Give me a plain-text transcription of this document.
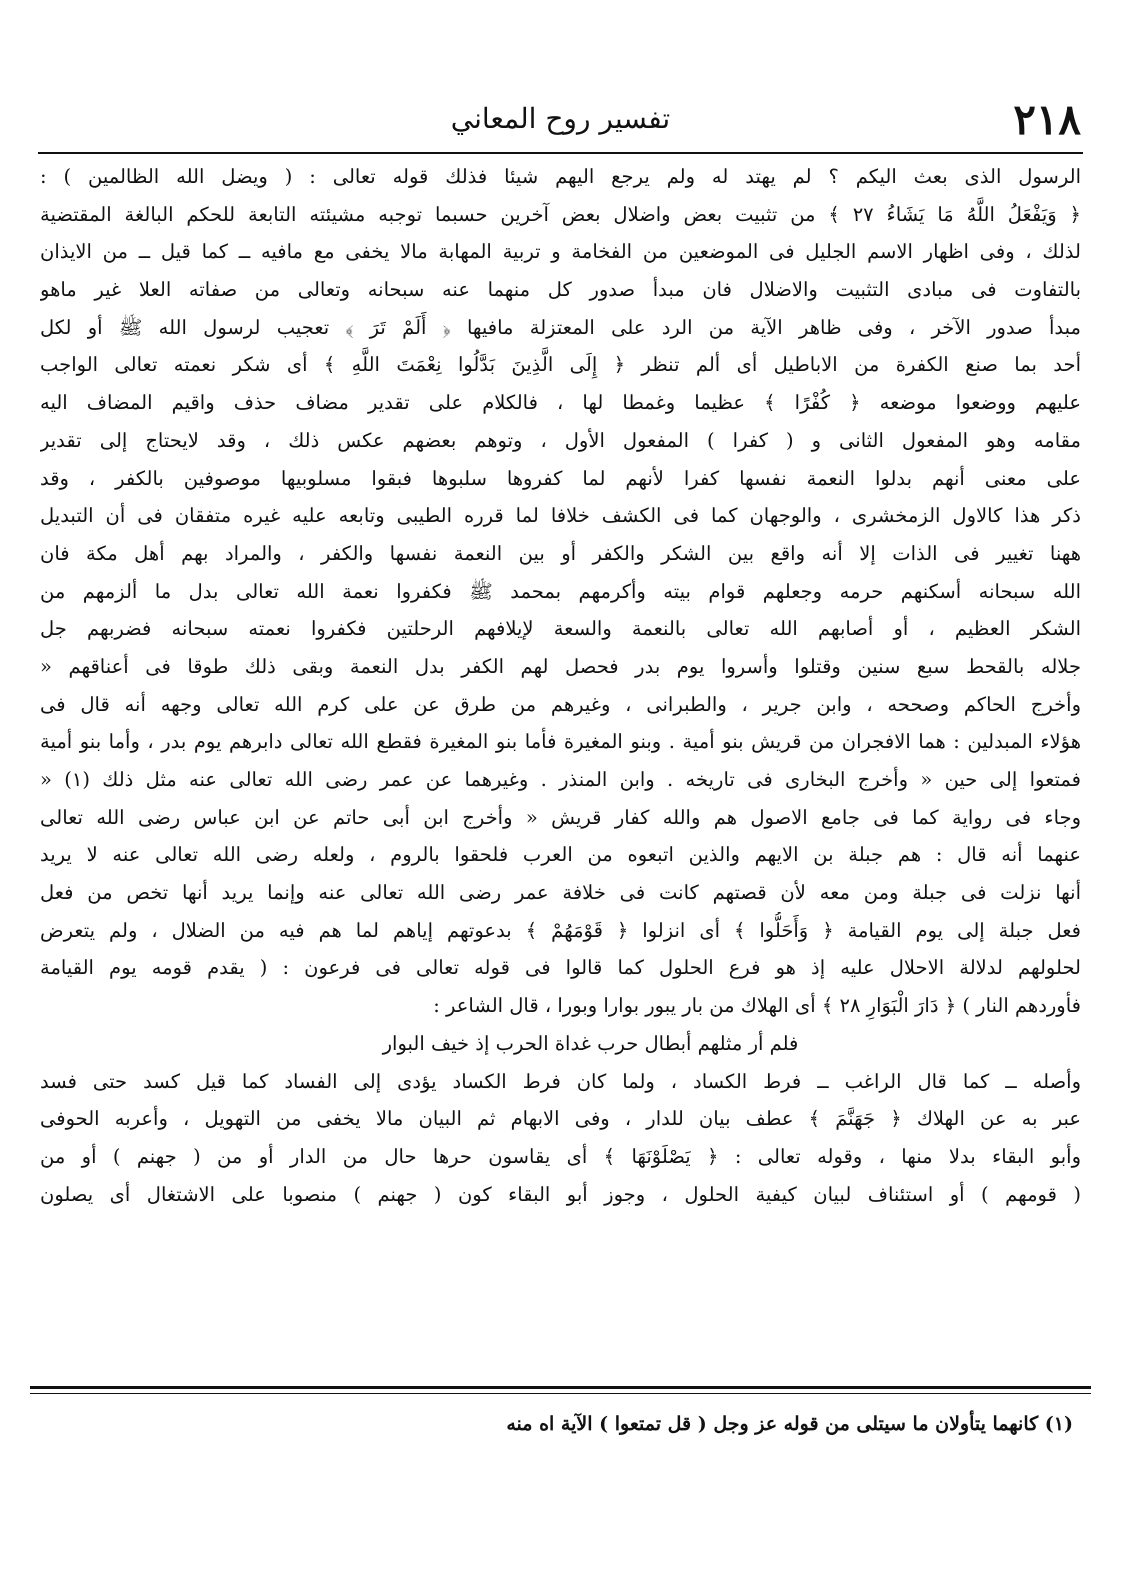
٢١٨
تفسير روح المعاني
الرسول الذى بعث اليكم ؟ لم يهتد له ولم يرجع اليهم شيئا فذلك قوله تعالى : ( ويضل الله الظالمين ) :
﴿ وَيَفْعَلُ اللَّهُ مَا يَشَاءُ ٢٧ ﴾ من تثبيت بعض واضلال بعض آخرين حسبما توجبه مشيئته التابعة للحكم البالغة المقتضية
لذلك ، وفى اظهار الاسم الجليل فى الموضعين من الفخامة و تربية المهابة مالا يخفى مع مافيه ــ كما قيل ــ من الايذان
بالتفاوت فى مبادى التثبيت والاضلال فان مبدأ صدور كل منهما عنه سبحانه وتعالى من صفاته العلا غير ماهو
مبدأ صدور الآخر ، وفى ظاهر الآية من الرد على المعتزلة مافيها ﴿ أَلَمْ تَرَ ﴾ تعجيب لرسول الله ﷺ أو لكل
أحد بما صنع الكفرة من الاباطيل أى ألم تنظر ﴿ إِلَى الَّذِينَ بَدَّلُوا نِعْمَتَ اللَّهِ ﴾ أى شكر نعمته تعالى الواجب
عليهم ووضعوا موضعه ﴿ كُفْرًا ﴾ عظيما وغمطا لها ، فالكلام على تقدير مضاف حذف واقيم المضاف اليه
مقامه وهو المفعول الثانى و ( كفرا ) المفعول الأول ، وتوهم بعضهم عكس ذلك ، وقد لايحتاج إلى تقدير
على معنى أنهم بدلوا النعمة نفسها كفرا لأنهم لما كفروها سلبوها فبقوا مسلوبيها موصوفين بالكفر ، وقد
ذكر هذا كالاول الزمخشرى ، والوجهان كما فى الكشف خلافا لما قرره الطيبى وتابعه عليه غيره متفقان فى أن التبديل
ههنا تغيير فى الذات إلا أنه واقع بين الشكر والكفر أو بين النعمة نفسها والكفر ، والمراد بهم أهل مكة فان
الله سبحانه أسكنهم حرمه وجعلهم قوام بيته وأكرمهم بمحمد ﷺ فكفروا نعمة الله تعالى بدل ما ألزمهم من
الشكر العظيم ، أو أصابهم الله تعالى بالنعمة والسعة لإيلافهم الرحلتين فكفروا نعمته سبحانه فضربهم جل
جلاله بالقحط سبع سنين وقتلوا وأسروا يوم بدر فحصل لهم الكفر بدل النعمة وبقى ذلك طوقا فى أعناقهم «
وأخرج الحاكم وصححه ، وابن جرير ، والطبرانى ، وغيرهم من طرق عن على كرم الله تعالى وجهه أنه قال فى
هؤلاء المبدلين : هما الافجران من قريش بنو أمية . وبنو المغيرة فأما بنو المغيرة فقطع الله تعالى دابرهم يوم بدر ، وأما بنو أمية
فمتعوا إلى حين « وأخرج البخارى فى تاريخه . وابن المنذر . وغيرهما عن عمر رضى الله تعالى عنه مثل ذلك (١) «
وجاء فى رواية كما فى جامع الاصول هم والله كفار قريش « وأخرج ابن أبى حاتم عن ابن عباس رضى الله تعالى
عنهما أنه قال : هم جبلة بن الايهم والذين اتبعوه من العرب فلحقوا بالروم ، ولعله رضى الله تعالى عنه لا يريد
أنها نزلت فى جبلة ومن معه لأن قصتهم كانت فى خلافة عمر رضى الله تعالى عنه وإنما يريد أنها تخص من فعل
فعل جبلة إلى يوم القيامة ﴿ وَأَحَلُّوا ﴾ أى انزلوا ﴿ قَوْمَهُمْ ﴾ بدعوتهم إياهم لما هم فيه من الضلال ، ولم يتعرض
لحلولهم لدلالة الاحلال عليه إذ هو فرع الحلول كما قالوا فى قوله تعالى فى فرعون : ( يقدم قومه يوم القيامة
فأوردهم النار ) ﴿ دَارَ الْبَوَارِ ٢٨ ﴾ أى الهلاك من بار يبور بوارا وبورا ، قال الشاعر :
فلم أر مثلهم أبطال حرب غداة الحرب إذ خيف البوار
وأصله ــ كما قال الراغب ــ فرط الكساد ، ولما كان فرط الكساد يؤدى إلى الفساد كما قيل كسد حتى فسد
عبر به عن الهلاك ﴿ جَهَنَّمَ ﴾ عطف بيان للدار ، وفى الابهام ثم البيان مالا يخفى من التهويل ، وأعربه الحوفى
وأبو البقاء بدلا منها ، وقوله تعالى : ﴿ يَصْلَوْنَهَا ﴾ أى يقاسون حرها حال من الدار أو من ( جهنم ) أو من
( قومهم ) أو استئناف لبيان كيفية الحلول ، وجوز أبو البقاء كون ( جهنم ) منصوبا على الاشتغال أى يصلون
(١) كانهما يتأولان ما سيتلى من قوله عز وجل ( قل تمتعوا ) الآية اه منه
